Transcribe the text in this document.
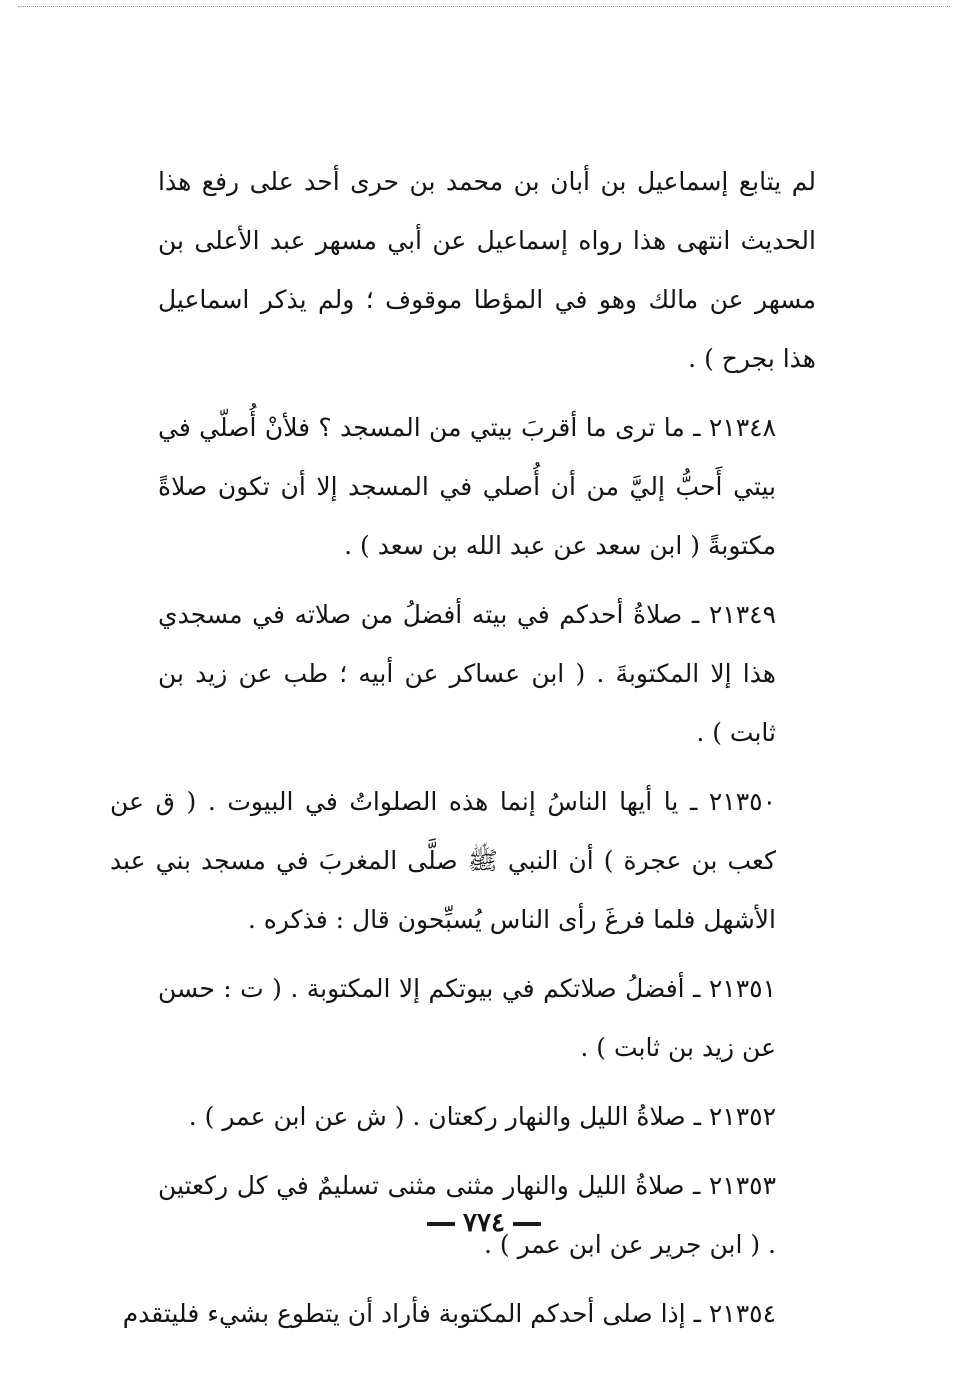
لم يتابع إسماعيل بن أبان بن محمد بن حرى أحد على رفع هذا الحديث انتهى هذا رواه إسماعيل عن أبي مسهر عبد الأعلى بن مسهر عن مالك وهو في المؤطا موقوف ؛ ولم يذكر اسماعيل هذا بجرح ) .

٢١٣٤٨ ـ ما ترى ما أقربَ بيتي من المسجد ؟ فلأنْ أُصلّي في بيتي أَحبُّ إليَّ من أن أُصلي في المسجد إلا أن تكون صلاةً مكتوبةً ( ابن سعد عن عبد الله بن سعد ) .

٢١٣٤٩ ـ صلاةُ أحدكم في بيته أفضلُ من صلاته في مسجدي هذا إلا المكتوبةَ . ( ابن عساكر عن أبيه ؛ طب عن زيد بن ثابت ) .

٢١٣٥٠ ـ يا أيها الناسُ إنما هذه الصلواتُ في البيوت . ( ق عن كعب بن عجرة ) أن النبي ﷺ صلَّى المغربَ في مسجد بني عبد الأشهل فلما فرغَ رأى الناس يُسبِّحون قال : فذكره .

٢١٣٥١ ـ أفضلُ صلاتكم في بيوتكم إلا المكتوبة . ( ت : حسن عن زيد بن ثابت ) .

٢١٣٥٢ ـ صلاةُ الليل والنهار ركعتان . ( ش عن ابن عمر ) .

٢١٣٥٣ ـ صلاةُ الليل والنهار مثنى مثنى تسليمٌ في كل ركعتين . ( ابن جرير عن ابن عمر ) .

٢١٣٥٤ ـ إذا صلى أحدكم المكتوبة فأراد أن يتطوع بشيء فليتقدم

٧٧٤
